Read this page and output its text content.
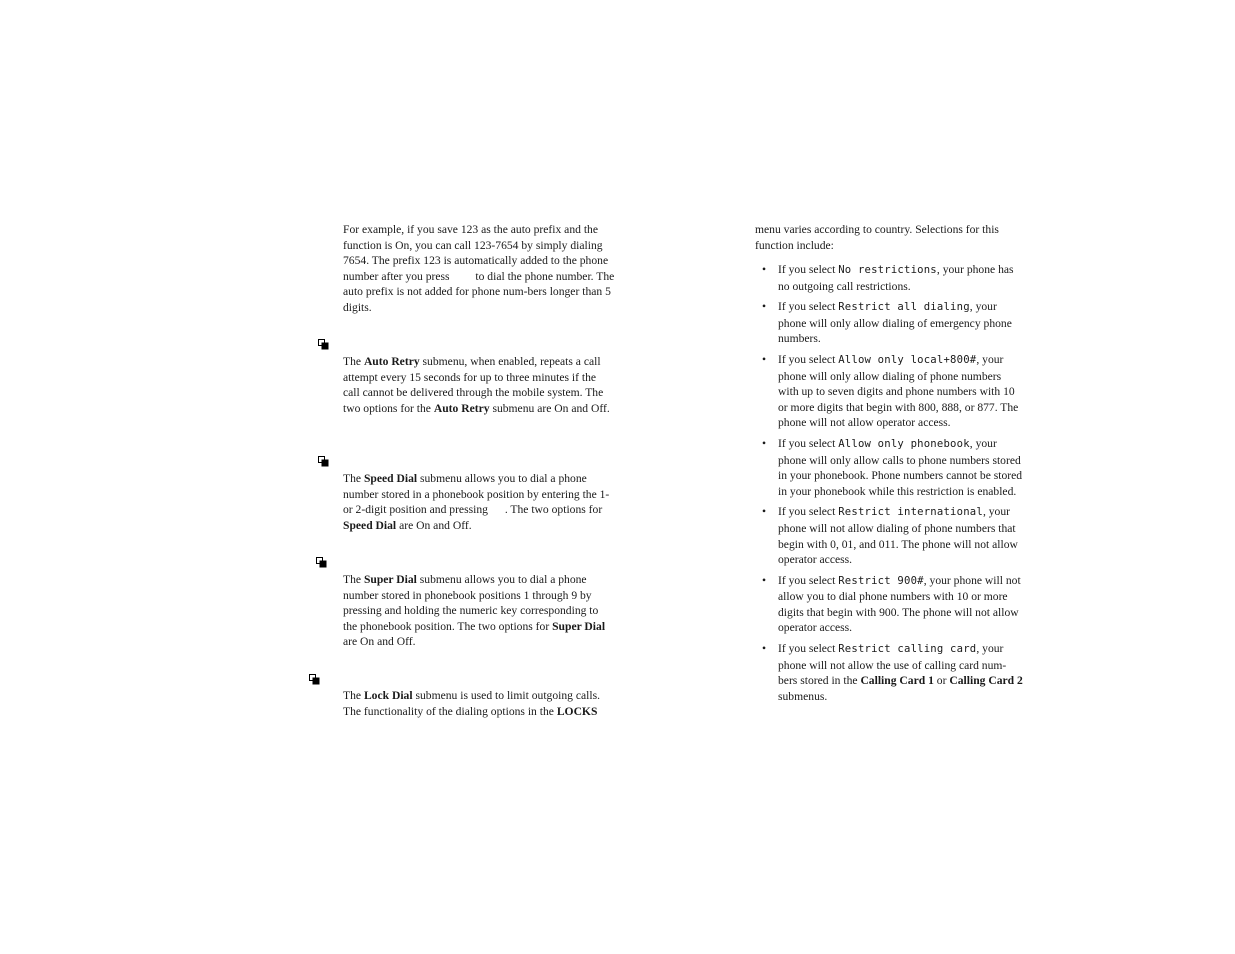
For example, if you save 123 as the auto prefix and the function is On, you can call 123-7654 by simply dialing 7654. The prefix 123 is automatically added to the phone number after you press to dial the phone number. The auto prefix is not added for phone num-bers longer than 5 digits.

The Auto Retry submenu, when enabled, repeats a call attempt every 15 seconds for up to three minutes if the call cannot be delivered through the mobile system. The two options for the Auto Retry submenu are On and Off.

The Speed Dial submenu allows you to dial a phone number stored in a phonebook position by entering the 1- or 2-digit position and pressing . The two options for Speed Dial are On and Off.

The Super Dial submenu allows you to dial a phone number stored in phonebook positions 1 through 9 by pressing and holding the numeric key corresponding to the phonebook position. The two options for Super Dial are On and Off.

The Lock Dial submenu is used to limit outgoing calls. The functionality of the dialing options in the LOCKS

menu varies according to country. Selections for this function include:

• If you select No restrictions, your phone has no outgoing call restrictions.
• If you select Restrict all dialing, your phone will only allow dialing of emergency phone numbers.
• If you select Allow only local+800#, your phone will only allow dialing of phone numbers with up to seven digits and phone numbers with 10 or more digits that begin with 800, 888, or 877. The phone will not allow operator access.
• If you select Allow only phonebook, your phone will only allow calls to phone numbers stored in your phonebook. Phone numbers cannot be stored in your phonebook while this restriction is enabled.
• If you select Restrict international, your phone will not allow dialing of phone numbers that begin with 0, 01, and 011. The phone will not allow operator access.
• If you select Restrict 900#, your phone will not allow you to dial phone numbers with 10 or more digits that begin with 900. The phone will not allow operator access.
• If you select Restrict calling card, your phone will not allow the use of calling card num-bers stored in the Calling Card 1 or Calling Card 2 submenus.
